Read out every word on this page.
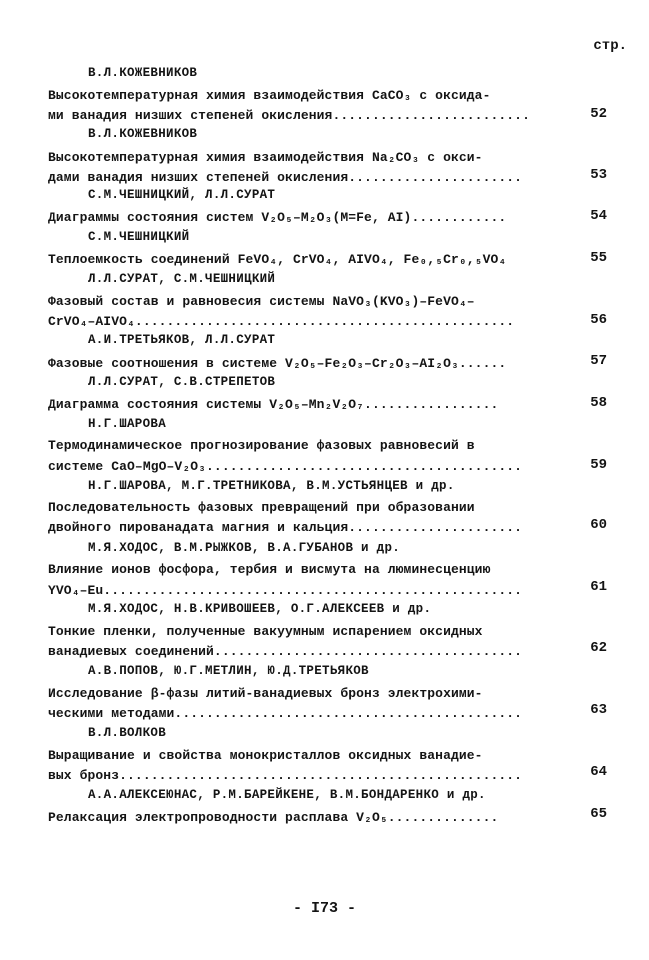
стр.
В.Л.КОЖЕВНИКОВ
Высокотемпературная химия взаимодействия CaCO₃ с оксида-
ми ванадия низших степеней окисления.........................	52
В.Л.КОЖЕВНИКОВ
Высокотемпературная химия взаимодействия Na₂CO₃ с окси-
дами ванадия низших степеней окисления......................	53
С.М.ЧЕШНИЦКИЙ, Л.Л.СУРАТ
Диаграммы состояния систем V₂O₅–M₂O₃(M=Fe, AI)............	54
С.М.ЧЕШНИЦКИЙ
Теплоемкость соединений FeVO₄, CrVO₄, AIVO₄, Fe₀,₅Cr₀,₅VO₄	55
Л.Л.СУРАТ, С.М.ЧЕШНИЦКИЙ
Фазовый состав и равновесия системы NaVO₃(KVO₃)–FeVO₄–
CrVO₄–AIVO₄................................................	56
А.И.ТРЕТЬЯКОВ, Л.Л.СУРАТ
Фазовые соотношения в системе V₂O₅–Fe₂O₃–Cr₂O₃–AI₂O₃......	57
Л.Л.СУРАТ, С.В.СТРЕПЕТОВ
Диаграмма состояния системы V₂O₅–Mn₂V₂O₇.................	58
Н.Г.ШАРОВА
Термодинамическое прогнозирование фазовых равновесий в
системе CaO–MgO–V₂O₃........................................	59
Н.Г.ШАРОВА, М.Г.ТРЕТНИКОВА, В.М.УСТЬЯНЦЕВ и др.
Последовательность фазовых превращений при образовании
двойного пированадата магния и кальция......................	60
М.Я.ХОДОС, В.М.РЫЖКОВ, В.А.ГУБАНОВ и др.
Влияние ионов фосфора, тербия и висмута на люминесценцию
YVO₄–Eu.....................................................	61
М.Я.ХОДОС, Н.В.КРИВОШЕЕВ, О.Г.АЛЕКСЕЕВ и др.
Тонкие пленки, полученные вакуумным испарением оксидных
ванадиевых соединений.......................................	62
А.В.ПОПОВ, Ю.Г.МЕТЛИН, Ю.Д.ТРЕТЬЯКОВ
Исследование β-фазы литий-ванадиевых бронз электрохими-
ческими методами............................................	63
В.Л.ВОЛКОВ
Выращивание и свойства монокристаллов оксидных ванадие-
вых бронз...................................................	64
А.А.АЛЕКСЕЮНАС, Р.М.БАРЕЙКЕНЕ, В.М.БОНДАРЕНКО и др.
Релаксация электропроводности расплава V₂O₅..............	65
- I73 -
